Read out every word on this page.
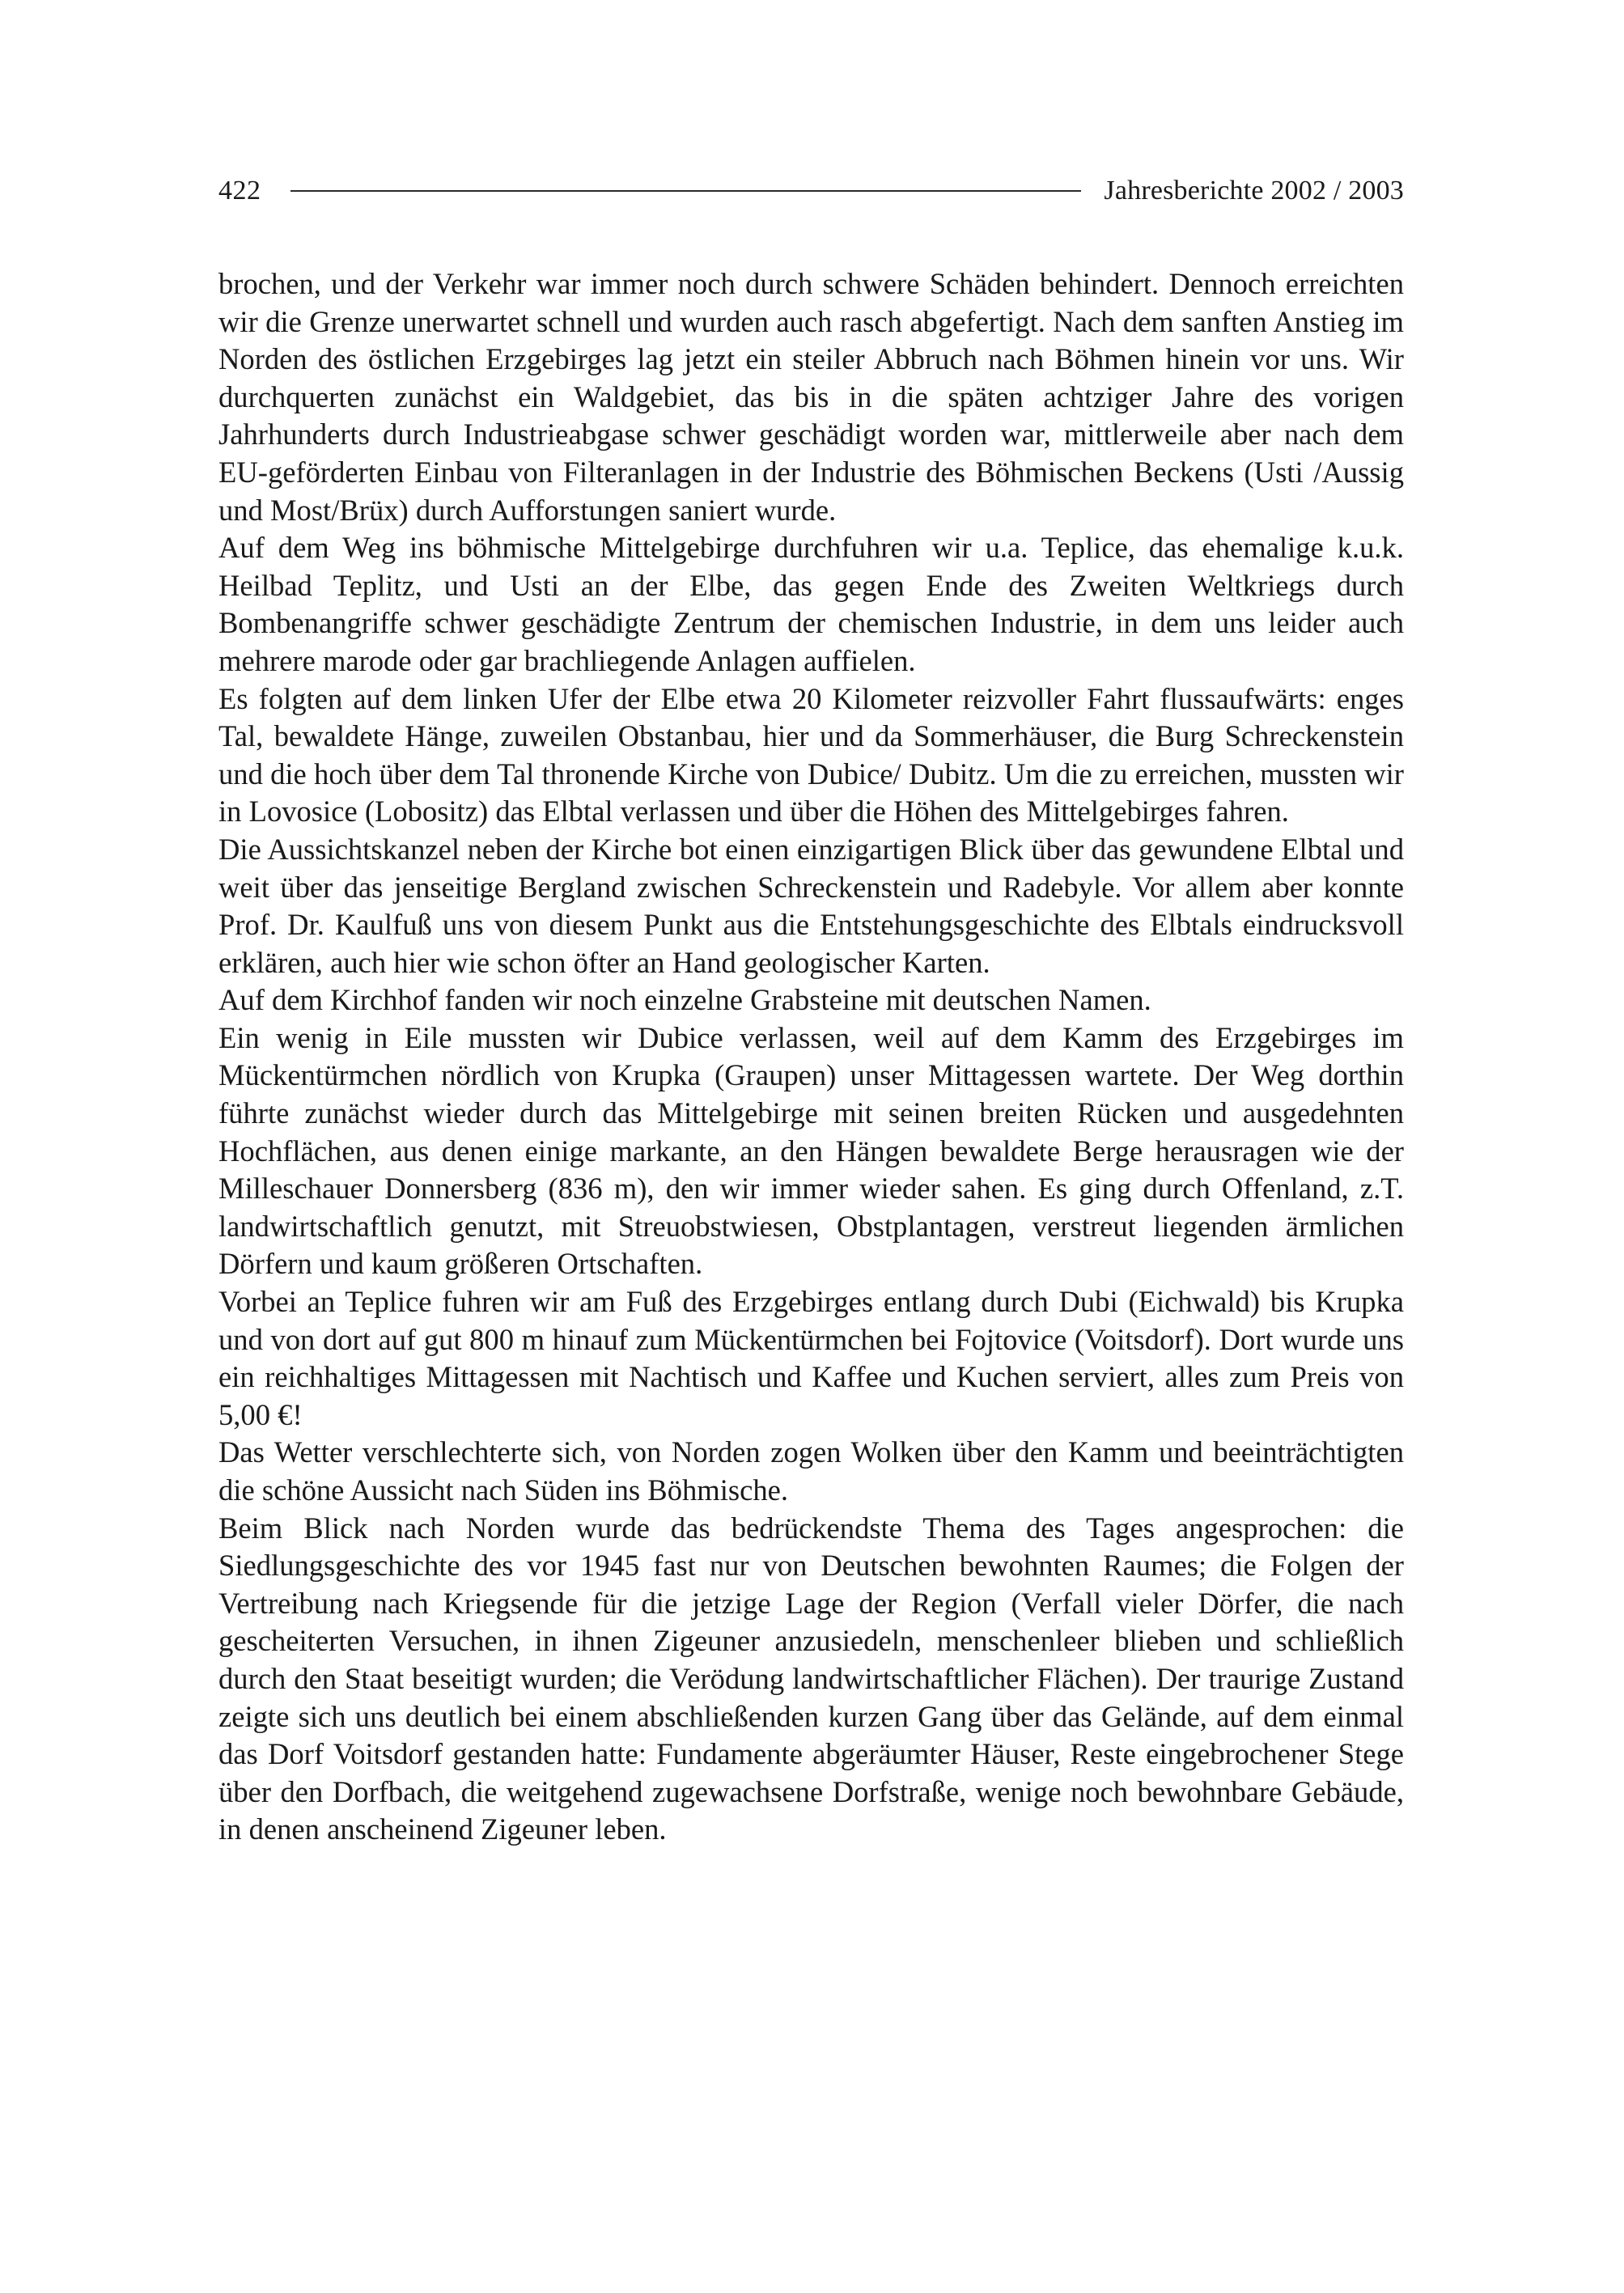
422	Jahresberichte 2002 / 2003

brochen, und der Verkehr war immer noch durch schwere Schäden behindert. Dennoch erreichten wir die Grenze unerwartet schnell und wurden auch rasch abgefertigt. Nach dem sanften Anstieg im Norden des östlichen Erzgebirges lag jetzt ein steiler Abbruch nach Böhmen hinein vor uns. Wir durchquerten zunächst ein Waldgebiet, das bis in die späten achtziger Jahre des vorigen Jahrhunderts durch Industrieabgase schwer geschädigt worden war, mittlerweile aber nach dem EU-geförderten Einbau von Filteranlagen in der Industrie des Böhmischen Beckens (Usti /Aussig und Most/Brüx) durch Aufforstungen saniert wurde.

Auf dem Weg ins böhmische Mittelgebirge durchfuhren wir u.a. Teplice, das ehemalige k.u.k. Heilbad Teplitz, und Usti an der Elbe, das gegen Ende des Zweiten Weltkriegs durch Bombenangriffe schwer geschädigte Zentrum der chemischen Industrie, in dem uns leider auch mehrere marode oder gar brachliegende Anlagen auffielen.

Es folgten auf dem linken Ufer der Elbe etwa 20 Kilometer reizvoller Fahrt flussaufwärts: enges Tal, bewaldete Hänge, zuweilen Obstanbau, hier und da Sommerhäuser, die Burg Schreckenstein und die hoch über dem Tal thronende Kirche von Dubice/ Dubitz. Um die zu erreichen, mussten wir in Lovosice (Lobositz) das Elbtal verlassen und über die Höhen des Mittelgebirges fahren.

Die Aussichtskanzel neben der Kirche bot einen einzigartigen Blick über das gewundene Elbtal und weit über das jenseitige Bergland zwischen Schreckenstein und Radebyle. Vor allem aber konnte Prof. Dr. Kaulfuß uns von diesem Punkt aus die Entstehungsgeschichte des Elbtals eindrucksvoll erklären, auch hier wie schon öfter an Hand geologischer Karten.

Auf dem Kirchhof fanden wir noch einzelne Grabsteine mit deutschen Namen.

Ein wenig in Eile mussten wir Dubice verlassen, weil auf dem Kamm des Erzgebirges im Mückentürmchen nördlich von Krupka (Graupen) unser Mittagessen wartete. Der Weg dorthin führte zunächst wieder durch das Mittelgebirge mit seinen breiten Rücken und ausgedehnten Hochflächen, aus denen einige markante, an den Hängen bewaldete Berge herausragen wie der Milleschauer Donnersberg (836 m), den wir immer wieder sahen. Es ging durch Offenland, z.T. landwirtschaftlich genutzt, mit Streuobstwiesen, Obstplantagen, verstreut liegenden ärmlichen Dörfern und kaum größeren Ortschaften.

Vorbei an Teplice fuhren wir am Fuß des Erzgebirges entlang durch Dubi (Eichwald) bis Krupka und von dort auf gut 800 m hinauf zum Mückentürmchen bei Fojtovice (Voitsdorf). Dort wurde uns ein reichhaltiges Mittagessen mit Nachtisch und Kaffee und Kuchen serviert, alles zum Preis von 5,00 €!

Das Wetter verschlechterte sich, von Norden zogen Wolken über den Kamm und beeinträchtigten die schöne Aussicht nach Süden ins Böhmische.

Beim Blick nach Norden wurde das bedrückendste Thema des Tages angesprochen: die Siedlungsgeschichte des vor 1945 fast nur von Deutschen bewohnten Raumes; die Folgen der Vertreibung nach Kriegsende für die jetzige Lage der Region (Verfall vieler Dörfer, die nach gescheiterten Versuchen, in ihnen Zigeuner anzusiedeln, menschenleer blieben und schließlich durch den Staat beseitigt wurden; die Verödung landwirtschaftlicher Flächen). Der traurige Zustand zeigte sich uns deutlich bei einem abschließenden kurzen Gang über das Gelände, auf dem einmal das Dorf Voitsdorf gestanden hatte: Fundamente abgeräumter Häuser, Reste eingebrochener Stege über den Dorfbach, die weitgehend zugewachsene Dorfstraße, wenige noch bewohnbare Gebäude, in denen anscheinend Zigeuner leben.
